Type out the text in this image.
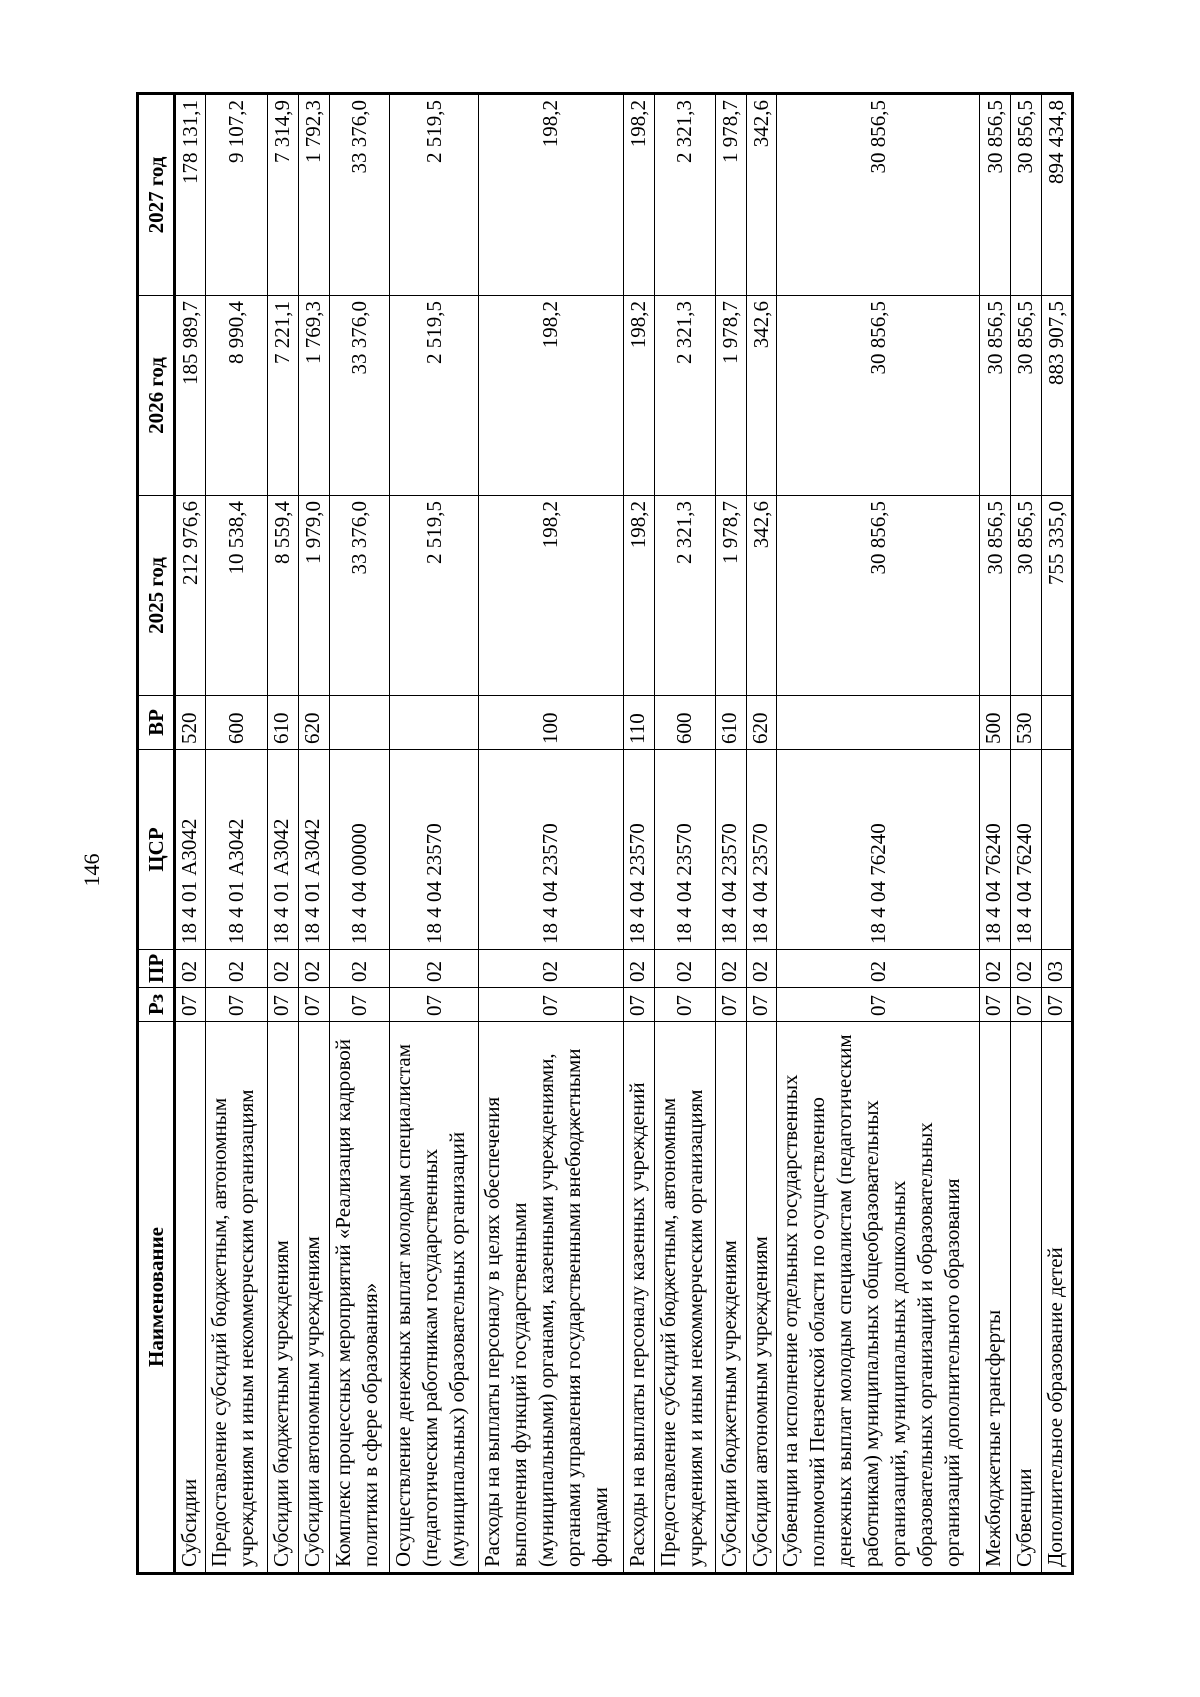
146
Наименование	Рз	ПР	ЦСР	ВР	2025 год	2026 год	2027 год
Субсидии	07	02	18 4 01 А3042	520	212 976,6	185 989,7	178 131,1
Предоставление субсидий бюджетным, автономным учреждениям и иным некоммерческим организациям	07	02	18 4 01 А3042	600	10 538,4	8 990,4	9 107,2
Субсидии бюджетным учреждениям	07	02	18 4 01 А3042	610	8 559,4	7 221,1	7 314,9
Субсидии автономным учреждениям	07	02	18 4 01 А3042	620	1 979,0	1 769,3	1 792,3
Комплекс процессных мероприятий «Реализация кадровой политики в сфере образования»	07	02	18 4 04 00000		33 376,0	33 376,0	33 376,0
Осуществление денежных выплат молодым специалистам (педагогическим работникам государственных (муниципальных) образовательных организаций	07	02	18 4 04 23570		2 519,5	2 519,5	2 519,5
Расходы на выплаты персоналу в целях обеспечения выполнения функций государственными (муниципальными) органами, казенными учреждениями, органами управления государственными внебюджетными фондами	07	02	18 4 04 23570	100	198,2	198,2	198,2
Расходы на выплаты персоналу казенных учреждений	07	02	18 4 04 23570	110	198,2	198,2	198,2
Предоставление субсидий бюджетным, автономным учреждениям и иным некоммерческим организациям	07	02	18 4 04 23570	600	2 321,3	2 321,3	2 321,3
Субсидии бюджетным учреждениям	07	02	18 4 04 23570	610	1 978,7	1 978,7	1 978,7
Субсидии автономным учреждениям	07	02	18 4 04 23570	620	342,6	342,6	342,6
Субвенции на исполнение отдельных государственных полномочий Пензенской области по осуществлению денежных выплат молодым специалистам (педагогическим работникам) муниципальных общеобразовательных организаций, муниципальных дошкольных образовательных организаций и образовательных организаций дополнительного образования	07	02	18 4 04 76240		30 856,5	30 856,5	30 856,5
Межбюджетные трансферты	07	02	18 4 04 76240	500	30 856,5	30 856,5	30 856,5
Субвенции	07	02	18 4 04 76240	530	30 856,5	30 856,5	30 856,5
Дополнительное образование детей	07	03			755 335,0	883 907,5	894 434,8
